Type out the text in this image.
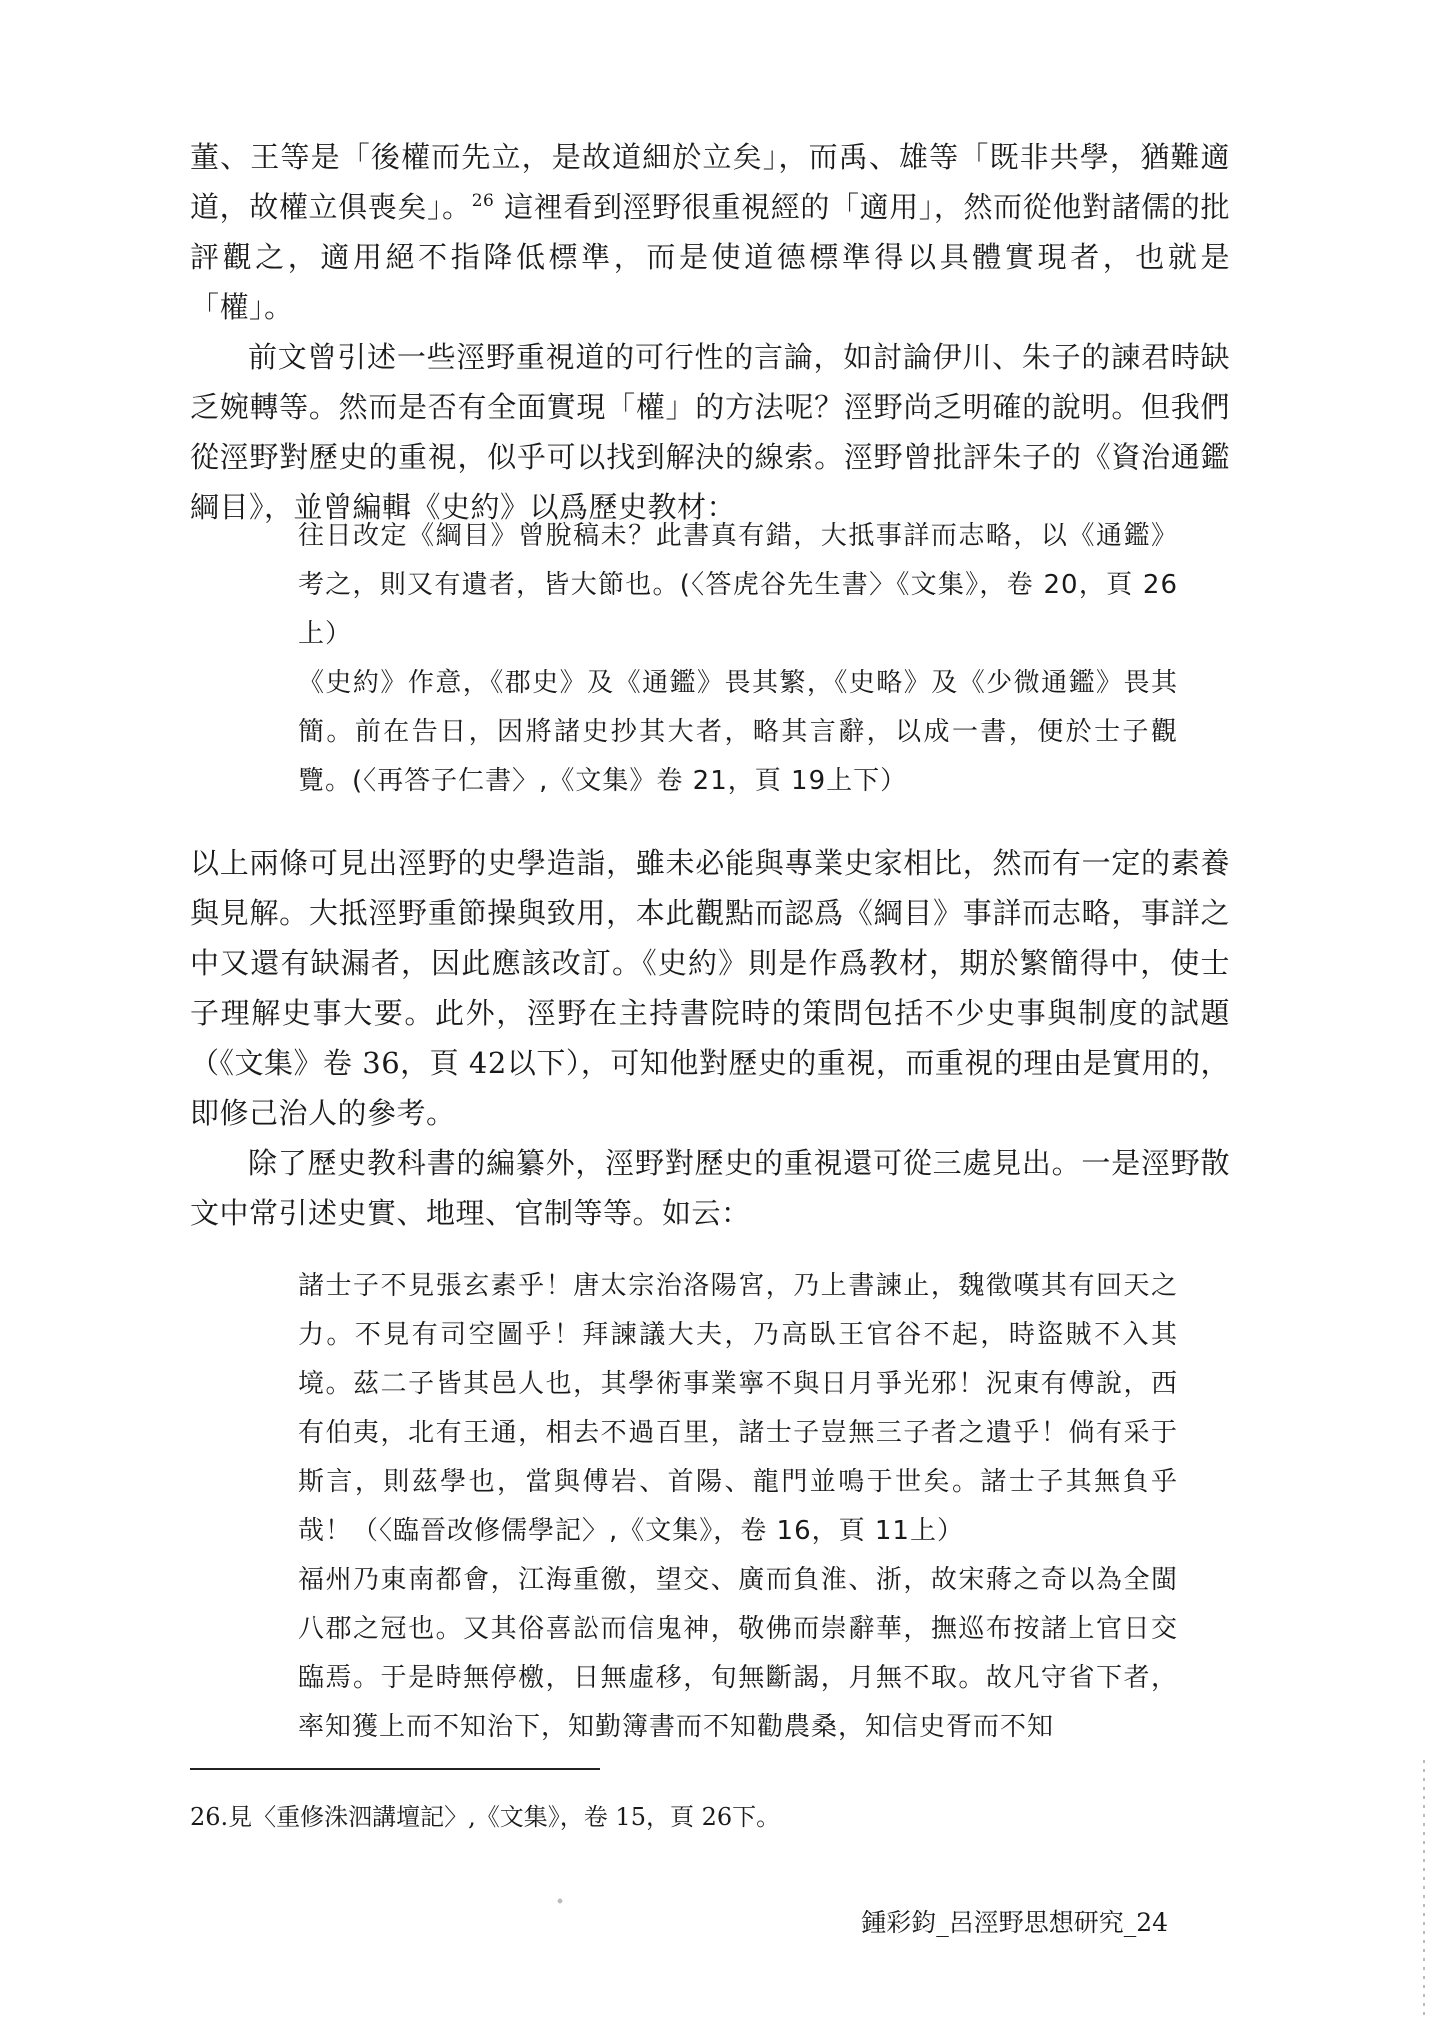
董、王等是「後權而先立，是故道細於立矣」，而禹、雄等「既非共學，猶難適道，故權立俱喪矣」。$^{26}$ 這裡看到涇野很重視經的「適用」，然而從他對諸儒的批評觀之，適用絕不指降低標準，而是使道德標準得以具體實現者，也就是「權」。

前文曾引述一些涇野重視道的可行性的言論，如討論伊川、朱子的諫君時缺乏婉轉等。然而是否有全面實現「權」的方法呢？涇野尚乏明確的說明。但我們從涇野對歷史的重視，似乎可以找到解決的線索。涇野曾批評朱子的《資治通鑑綱目》，並曾編輯《史約》以爲歷史教材：

往日改定《綱目》曾脫稿未？此書真有錯，大抵事詳而志略，以《通鑑》考之，則又有遺者，皆大節也。(〈答虎谷先生書〉《文集》，卷 20，頁 26上）

《史約》作意，《郡史》及《通鑑》畏其繁，《史略》及《少微通鑑》畏其簡。前在告日，因將諸史抄其大者，略其言辭，以成一書，便於士子觀覽。(〈再答子仁書〉,《文集》卷 21，頁 19上下）

以上兩條可見出涇野的史學造詣，雖未必能與專業史家相比，然而有一定的素養與見解。大抵涇野重節操與致用，本此觀點而認爲《綱目》事詳而志略，事詳之中又還有缺漏者，因此應該改訂。《史約》則是作爲教材，期於繁簡得中，使士子理解史事大要。此外，涇野在主持書院時的策問包括不少史事與制度的試題（《文集》卷 36，頁 42以下），可知他對歷史的重視，而重視的理由是實用的，即修己治人的參考。

除了歷史教科書的編纂外，涇野對歷史的重視還可從三處見出。一是涇野散文中常引述史實、地理、官制等等。如云：

諸士子不見張玄素乎！唐太宗治洛陽宮，乃上書諫止，魏徵嘆其有回天之力。不見有司空圖乎！拜諫議大夫，乃高臥王官谷不起，時盜賊不入其境。茲二子皆其邑人也，其學術事業寧不與日月爭光邪！況東有傅說，西有伯夷，北有王通，相去不過百里，諸士子豈無三子者之遺乎！倘有采于斯言，則茲學也，當與傅岩、首陽、龍門並鳴于世矣。諸士子其無負乎哉！（〈臨晉改修儒學記〉,《文集》，卷 16，頁 11上）

福州乃東南都會，江海重徼，望交、廣而負淮、浙，故宋蔣之奇以為全閩八郡之冠也。又其俗喜訟而信鬼神，敬佛而崇辭華，撫巡布按諸上官日交臨焉。于是時無停檄，日無虛移，旬無斷謁，月無不取。故凡守省下者，率知獲上而不知治下，知勤簿書而不知勸農桑，知信史胥而不知

26.見〈重修洙泗講壇記〉,《文集》，卷 15，頁 26下。

鍾彩鈞_呂涇野思想研究_24
